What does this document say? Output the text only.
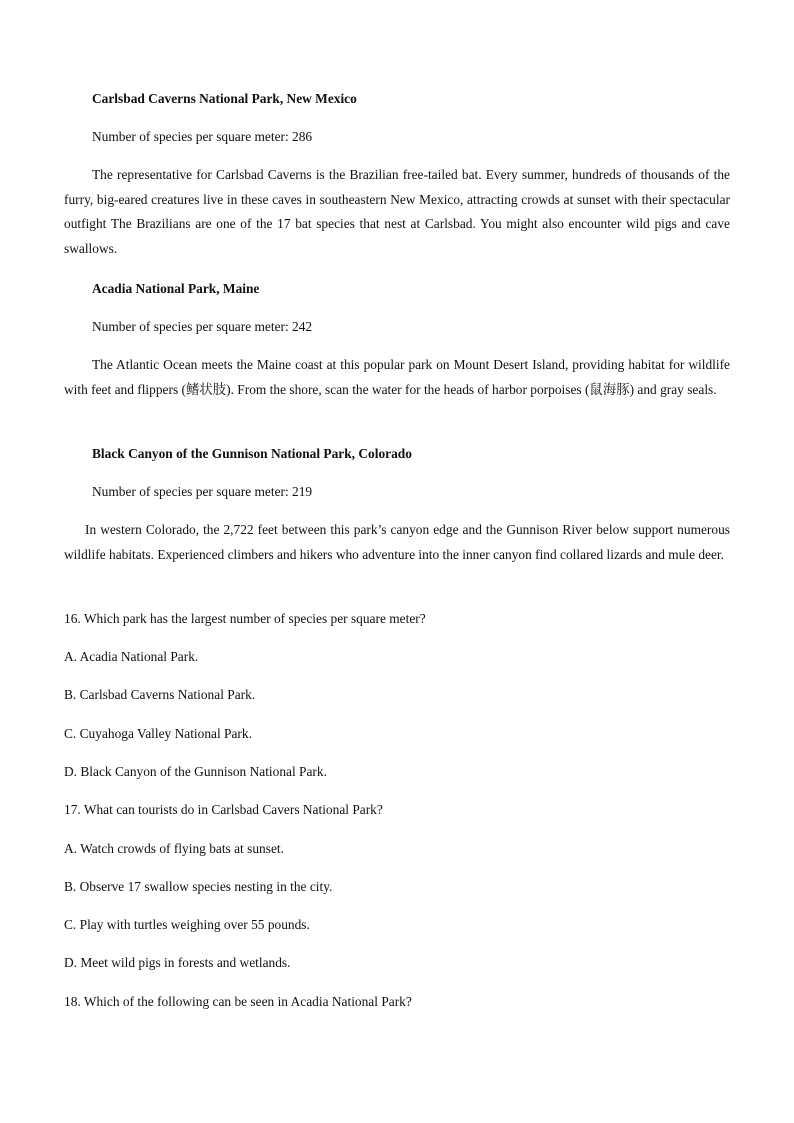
Carlsbad Caverns National Park, New Mexico
Number of species per square meter: 286
The representative for Carlsbad Caverns is the Brazilian free-tailed bat. Every summer, hundreds of thousands of the furry, big-eared creatures live in these caves in southeastern New Mexico, attracting crowds at sunset with their spectacular outfight The Brazilians are one of the 17 bat species that nest at Carlsbad. You might also encounter wild pigs and cave swallows.
Acadia National Park, Maine
Number of species per square meter: 242
The Atlantic Ocean meets the Maine coast at this popular park on Mount Desert Island, providing habitat for wildlife with feet and flippers (鳍状肢). From the shore, scan the water for the heads of harbor porpoises (鼠海豚) and gray seals.
Black Canyon of the Gunnison National Park, Colorado
Number of species per square meter: 219
In western Colorado, the 2,722 feet between this park’s canyon edge and the Gunnison River below support numerous wildlife habitats. Experienced climbers and hikers who adventure into the inner canyon find collared lizards and mule deer.
16. Which park has the largest number of species per square meter?
A. Acadia National Park.
B. Carlsbad Caverns National Park.
C. Cuyahoga Valley National Park.
D. Black Canyon of the Gunnison National Park.
17. What can tourists do in Carlsbad Cavers National Park?
A. Watch crowds of flying bats at sunset.
B. Observe 17 swallow species nesting in the city.
C. Play with turtles weighing over 55 pounds.
D. Meet wild pigs in forests and wetlands.
18. Which of the following can be seen in Acadia National Park?
